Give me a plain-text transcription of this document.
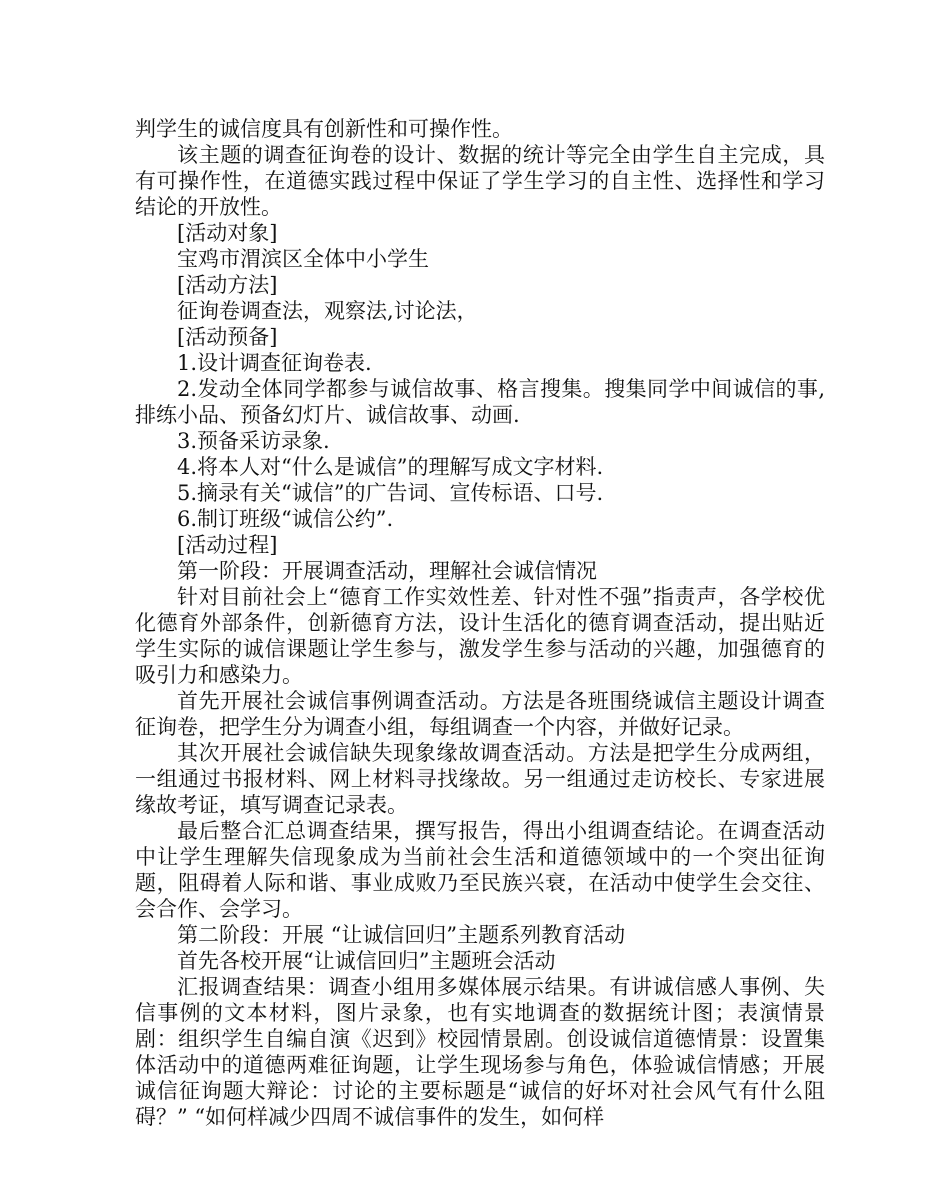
判学生的诚信度具有创新性和可操作性。

该主题的调查征询卷的设计、数据的统计等完全由学生自主完成，具有可操作性，在道德实践过程中保证了学生学习的自主性、选择性和学习结论的开放性。

[活动对象]

宝鸡市渭滨区全体中小学生

[活动方法]

征询卷调查法，观察法,讨论法，

[活动预备]

1.设计调查征询卷表.

2.发动全体同学都参与诚信故事、格言搜集。搜集同学中间诚信的事,排练小品、预备幻灯片、诚信故事、动画.

3.预备采访录象.

4.将本人对“什么是诚信”的理解写成文字材料.

5.摘录有关“诚信”的广告词、宣传标语、口号.

6.制订班级“诚信公约”.

[活动过程]

第一阶段：开展调查活动，理解社会诚信情况

针对目前社会上“德育工作实效性差、针对性不强”指责声，各学校优化德育外部条件，创新德育方法，设计生活化的德育调查活动，提出贴近学生实际的诚信课题让学生参与，激发学生参与活动的兴趣，加强德育的吸引力和感染力。

首先开展社会诚信事例调查活动。方法是各班围绕诚信主题设计调查征询卷，把学生分为调查小组，每组调查一个内容，并做好记录。

其次开展社会诚信缺失现象缘故调查活动。方法是把学生分成两组，一组通过书报材料、网上材料寻找缘故。另一组通过走访校长、专家进展缘故考证，填写调查记录表。

最后整合汇总调查结果，撰写报告，得出小组调查结论。在调查活动中让学生理解失信现象成为当前社会生活和道德领域中的一个突出征询题，阻碍着人际和谐、事业成败乃至民族兴衰，在活动中使学生会交往、会合作、会学习。

第二阶段：开展 “让诚信回归”主题系列教育活动

首先各校开展“让诚信回归”主题班会活动

汇报调查结果：调查小组用多媒体展示结果。有讲诚信感人事例、失信事例的文本材料，图片录象，也有实地调查的数据统计图；表演情景剧：组织学生自编自演《迟到》校园情景剧。创设诚信道德情景：设置集体活动中的道德两难征询题，让学生现场参与角色，体验诚信情感；开展诚信征询题大辩论：讨论的主要标题是“诚信的好坏对社会风气有什么阻碍？” “如何样减少四周不诚信事件的发生，如何样
